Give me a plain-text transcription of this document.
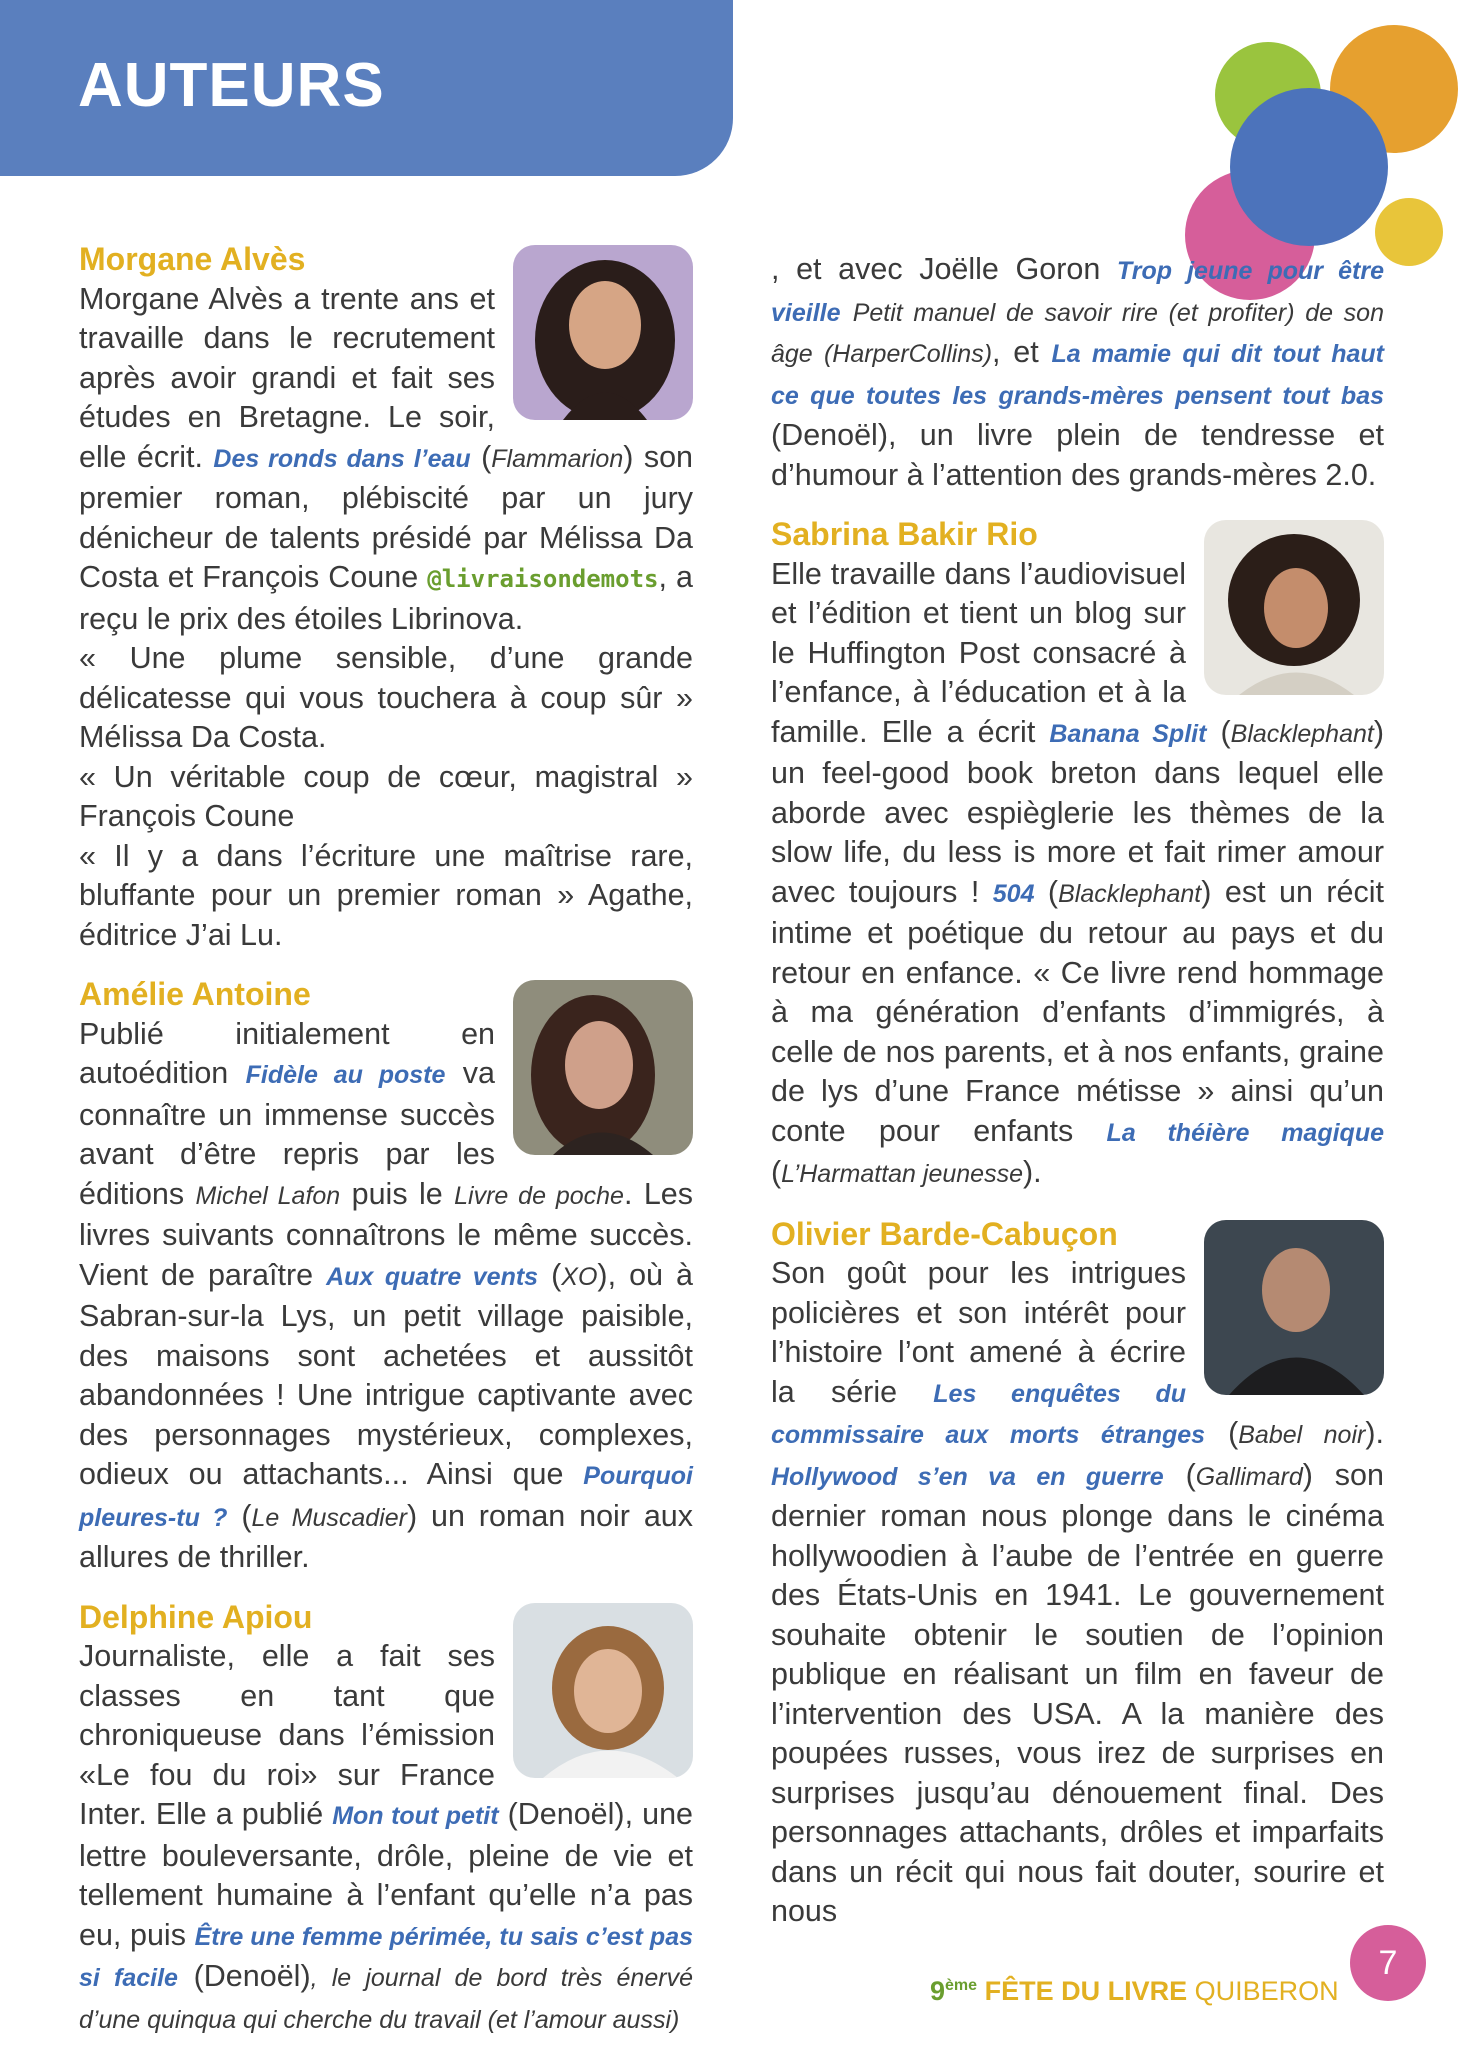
AUTEURS

Morgane Alvès

Morgane Alvès a trente ans et travaille dans le recrutement après avoir grandi et fait ses études en Bretagne. Le soir, elle écrit. Des ronds dans l’eau (Flammarion) son premier roman, plébiscité par un jury dénicheur de talents présidé par Mélissa Da Costa et François Coune @livraisondemots, a reçu le prix des étoiles Librinova.

« Une plume sensible, d’une grande délicatesse qui vous touchera à coup sûr » Mélissa Da Costa.

« Un véritable coup de cœur, magistral » François Coune

« Il y a dans l’écriture une maîtrise rare, bluffante pour un premier roman » Agathe, éditrice J’ai Lu.

Amélie Antoine

Publié initialement en autoédition Fidèle au poste va connaître un immense succès avant d’être repris par les éditions Michel Lafon puis le Livre de poche. Les livres suivants connaîtrons le même succès. Vient de paraître Aux quatre vents (XO), où à Sabran-sur-la Lys, un petit village paisible, des maisons sont achetées et aussitôt abandonnées ! Une intrigue captivante avec des personnages mystérieux, complexes, odieux ou attachants... Ainsi que Pourquoi pleures-tu ? (Le Muscadier) un roman noir aux allures de thriller.

Delphine Apiou

Journaliste, elle a fait ses classes en tant que chroniqueuse dans l’émission «Le fou du roi» sur France Inter. Elle a publié Mon tout petit (Denoël), une lettre bouleversante, drôle, pleine de vie et tellement humaine à l’enfant qu’elle n’a pas eu, puis Être une femme périmée, tu sais c’est pas si facile (Denoël), le journal de bord très énervé d’une quinqua qui cherche du travail (et l’amour aussi)

, et avec Joëlle Goron Trop jeune pour être vieille Petit manuel de savoir rire (et profiter) de son âge (HarperCollins), et La mamie qui dit tout haut ce que toutes les grands-mères pensent tout bas (Denoël), un livre plein de tendresse et d’humour à l’attention des grands-mères 2.0.

Sabrina Bakir Rio

Elle travaille dans l’audiovisuel et l’édition et tient un blog sur le Huffington Post consacré à l’enfance, à l’éducation et à la famille. Elle a écrit Banana Split (Blacklephant) un feel-good book breton dans lequel elle aborde avec espièglerie les thèmes de la slow life, du less is more et fait rimer amour avec toujours ! 504 (Blacklephant) est un récit intime et poétique du retour au pays et du retour en enfance. « Ce livre rend hommage à ma génération d’enfants d’immigrés, à celle de nos parents, et à nos enfants, graine de lys d’une France métisse » ainsi qu’un conte pour enfants La théière magique (L’Harmattan jeunesse).

Olivier Barde-Cabuçon

Son goût pour les intrigues policières et son intérêt pour l’histoire l’ont amené à écrire la série Les enquêtes du commissaire aux morts étranges (Babel noir). Hollywood s’en va en guerre (Gallimard) son dernier roman nous plonge dans le cinéma hollywoodien à l’aube de l’entrée en guerre des États-Unis en 1941. Le gouvernement souhaite obtenir le soutien de l’opinion publique en réalisant un film en faveur de l’intervention des USA. A la manière des poupées russes, vous irez de surprises en surprises jusqu’au dénouement final. Des personnages attachants, drôles et imparfaits dans un récit qui nous fait douter, sourire et nous

9ème FÊTE DU LIVRE QUIBERON
7
